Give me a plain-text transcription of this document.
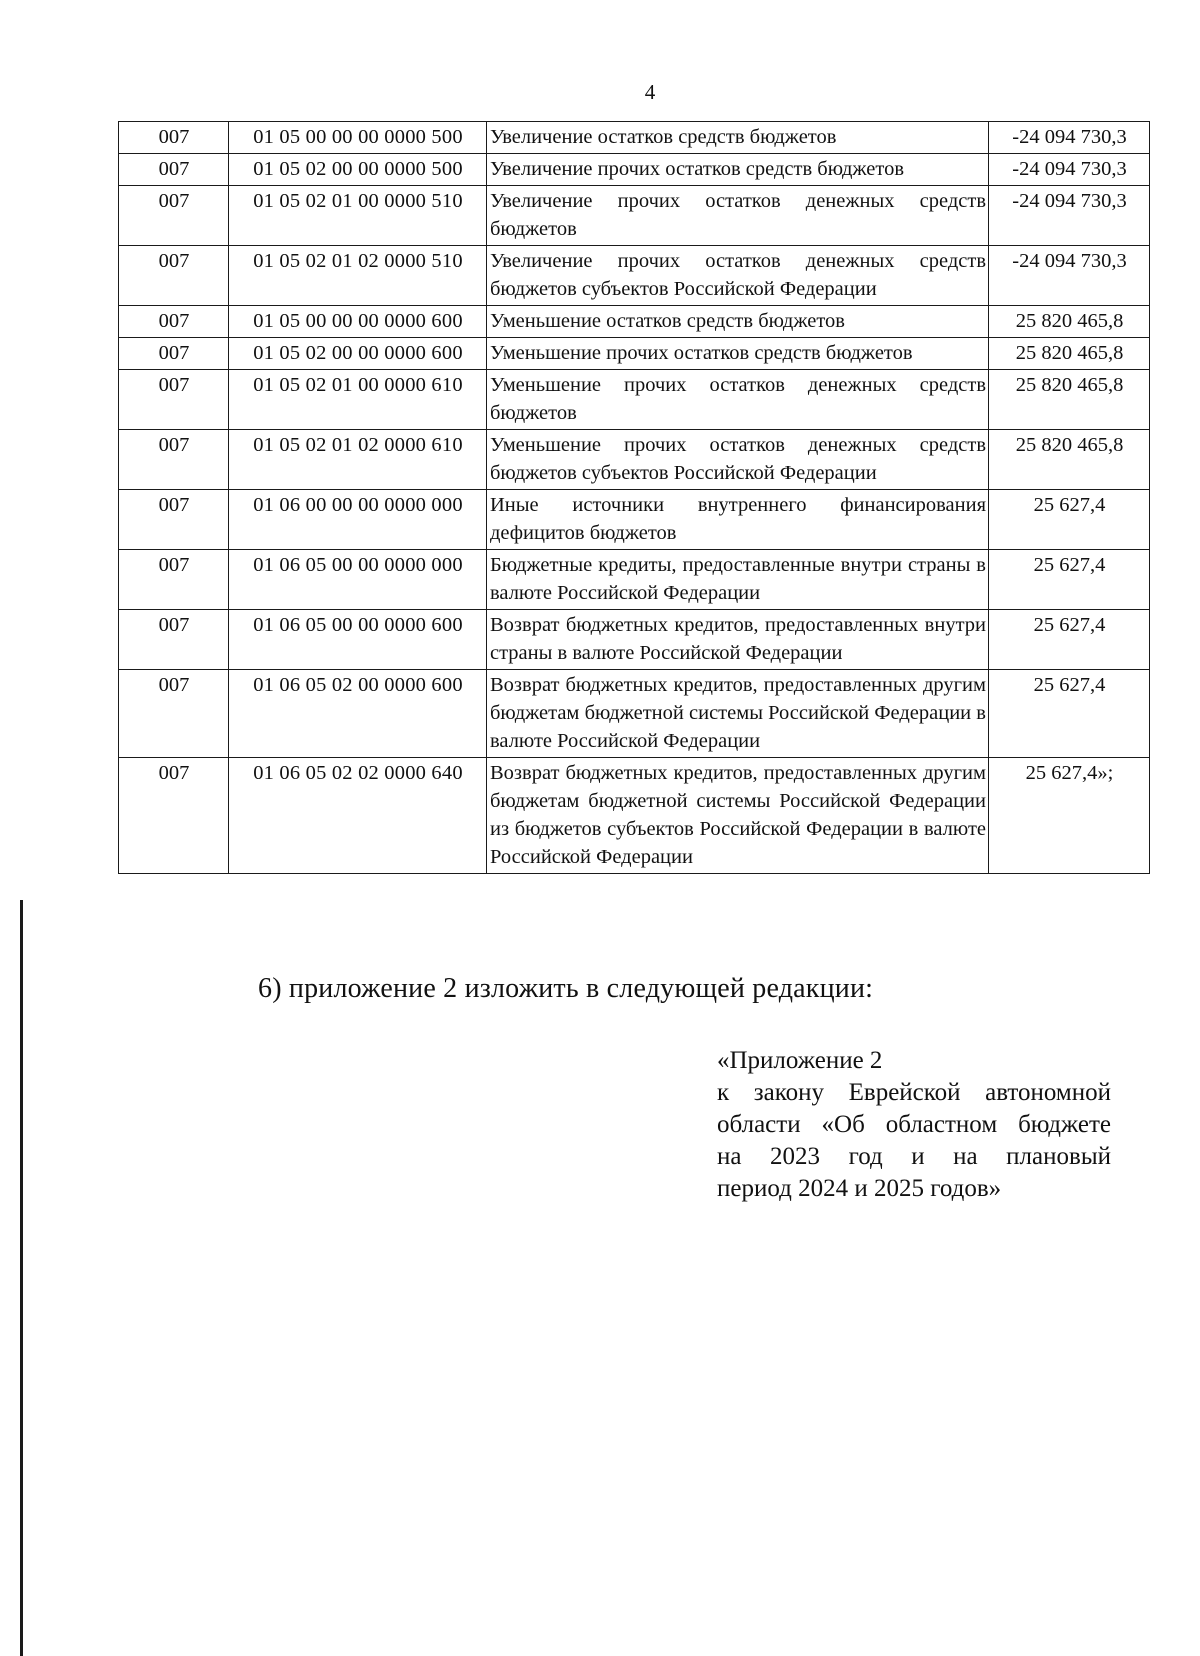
4
007	01 05 00 00 00 0000 500	Увеличение остатков средств бюджетов	-24 094 730,3
007	01 05 02 00 00 0000 500	Увеличение прочих остатков средств бюджетов	-24 094 730,3
007	01 05 02 01 00 0000 510	Увеличение прочих остатков денежных средств бюджетов	-24 094 730,3
007	01 05 02 01 02 0000 510	Увеличение прочих остатков денежных средств бюджетов субъектов Российской Федерации	-24 094 730,3
007	01 05 00 00 00 0000 600	Уменьшение остатков средств бюджетов	25 820 465,8
007	01 05 02 00 00 0000 600	Уменьшение прочих остатков средств бюджетов	25 820 465,8
007	01 05 02 01 00 0000 610	Уменьшение прочих остатков денежных средств бюджетов	25 820 465,8
007	01 05 02 01 02 0000 610	Уменьшение прочих остатков денежных средств бюджетов субъектов Российской Федерации	25 820 465,8
007	01 06 00 00 00 0000 000	Иные источники внутреннего финансирования дефицитов бюджетов	25 627,4
007	01 06 05 00 00 0000 000	Бюджетные кредиты, предоставленные внутри страны в валюте Российской Федерации	25 627,4
007	01 06 05 00 00 0000 600	Возврат бюджетных кредитов, предоставленных внутри страны в валюте Российской Федерации	25 627,4
007	01 06 05 02 00 0000 600	Возврат бюджетных кредитов, предоставленных другим бюджетам бюджетной системы Российской Федерации в валюте Российской Федерации	25 627,4
007	01 06 05 02 02 0000 640	Возврат бюджетных кредитов, предоставленных другим бюджетам бюджетной системы Российской Федерации из бюджетов субъектов Российской Федерации в валюте Российской Федерации	25 627,4»;
6) приложение 2 изложить в следующей редакции:
«Приложение 2
к закону Еврейской автономной
области «Об областном бюджете
на 2023 год и на плановый
период 2024 и 2025 годов»
